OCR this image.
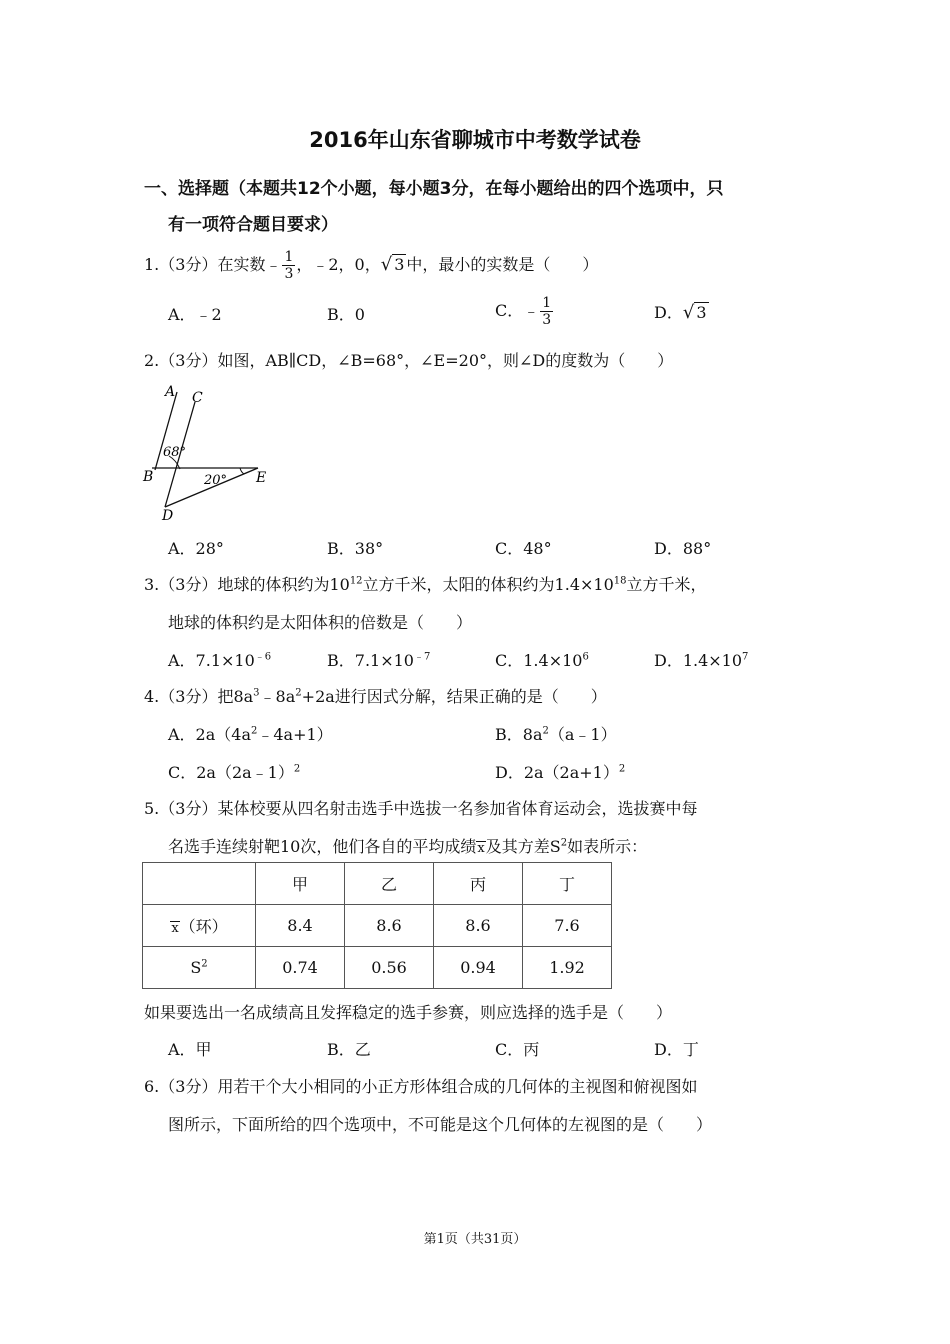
2016年山东省聊城市中考数学试卷
一、选择题（本题共12个小题，每小题3分，在每小题给出的四个选项中，只
有一项符合题目要求）
1.（3分）在实数﹣ $\frac{1}{3}$ ，﹣2，0，√ 3 中，最小的实数是（　　）
A．﹣2	B．0	C．﹣ $\frac{1}{3}$	D．√ 3
2.（3分）如图，AB∥CD，∠B=68°，∠E=20°，则∠D的度数为（　　）
A C
B	E
D
68°
20°
A．28°	B．38°	C．48°	D．88°
3.（3分）地球的体积约为$10^{12}$立方千米，太阳的体积约为$1.4\times 10^{18}$立方千米，
地球的体积约是太阳体积的倍数是（　　）
A．$7.1\times 10^{﹣6}$	B．$7.1\times 10^{﹣7}$	C．$1.4\times 10^6$	D．$1.4\times 10^7$
4.（3分）把$8a^3﹣8a^2+2a$进行因式分解，结果正确的是（　　）
A．$2a(4a^2﹣4a+1)$	B．$8a^2(a﹣1)$
C．2a（2a﹣1）$^2$	D．$2a(2a+1)^2$
5.（3分）某体校要从四名射击选手中选拔一名参加省体育运动会，选拔赛中每
名选手连续射靶10次，他们各自的平均成绩x及其方差$S^2$如表所示：
	甲	乙	丙	丁
x（环）	8.4	8.6	8.6	7.6
$S^2$	0.74	0.56	0.94	1.92
如果要选出一名成绩高且发挥稳定的选手参赛，则应选择的选手是（　　）
A．甲	B．乙	C．丙	D．丁
6.（3分）用若干个大小相同的小正方形体组合成的几何体的主视图和俯视图如
图所示，下面所给的四个选项中，不可能是这个几何体的左视图的是（　　）
第1页（共31页）
